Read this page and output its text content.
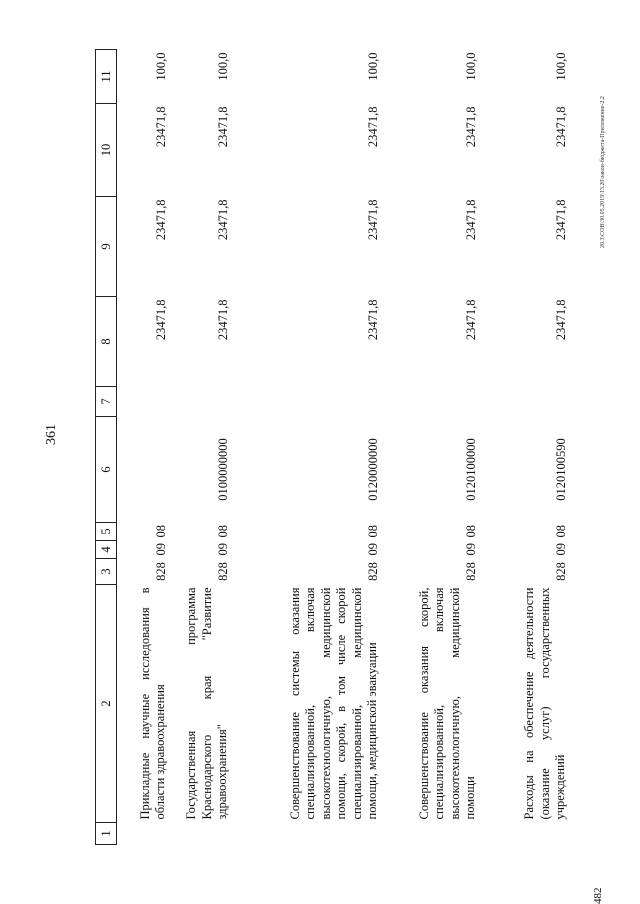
361
20.3\СОВ\30.05.2019\13.20\закон-бюджета-Приложение-2.2
482
1	2	3	4	5	6	7	8	9	10	11
	Прикладные научные исследования в области здравоохранения	828	09	08			23471,8	23471,8	23471,8	100,0
	Государственная программа Краснодарского края "Развитие здравоохранения"	828	09	08	0100000000		23471,8	23471,8	23471,8	100,0
	Совершенствование системы оказания специализированной, включая высокотехнологичную, медицинской помощи, скорой, в том числе скорой специализированной, медицинской помощи, медицинской эвакуации	828	09	08	0120000000		23471,8	23471,8	23471,8	100,0
	Совершенствование оказания скорой, специализированной, включая высокотехнологичную, медицинской помощи	828	09	08	0120100000		23471,8	23471,8	23471,8	100,0
	Расходы на обеспечение деятельности (оказание услуг) государственных учреждений	828	09	08	0120100590		23471,8	23471,8	23471,8	100,0
